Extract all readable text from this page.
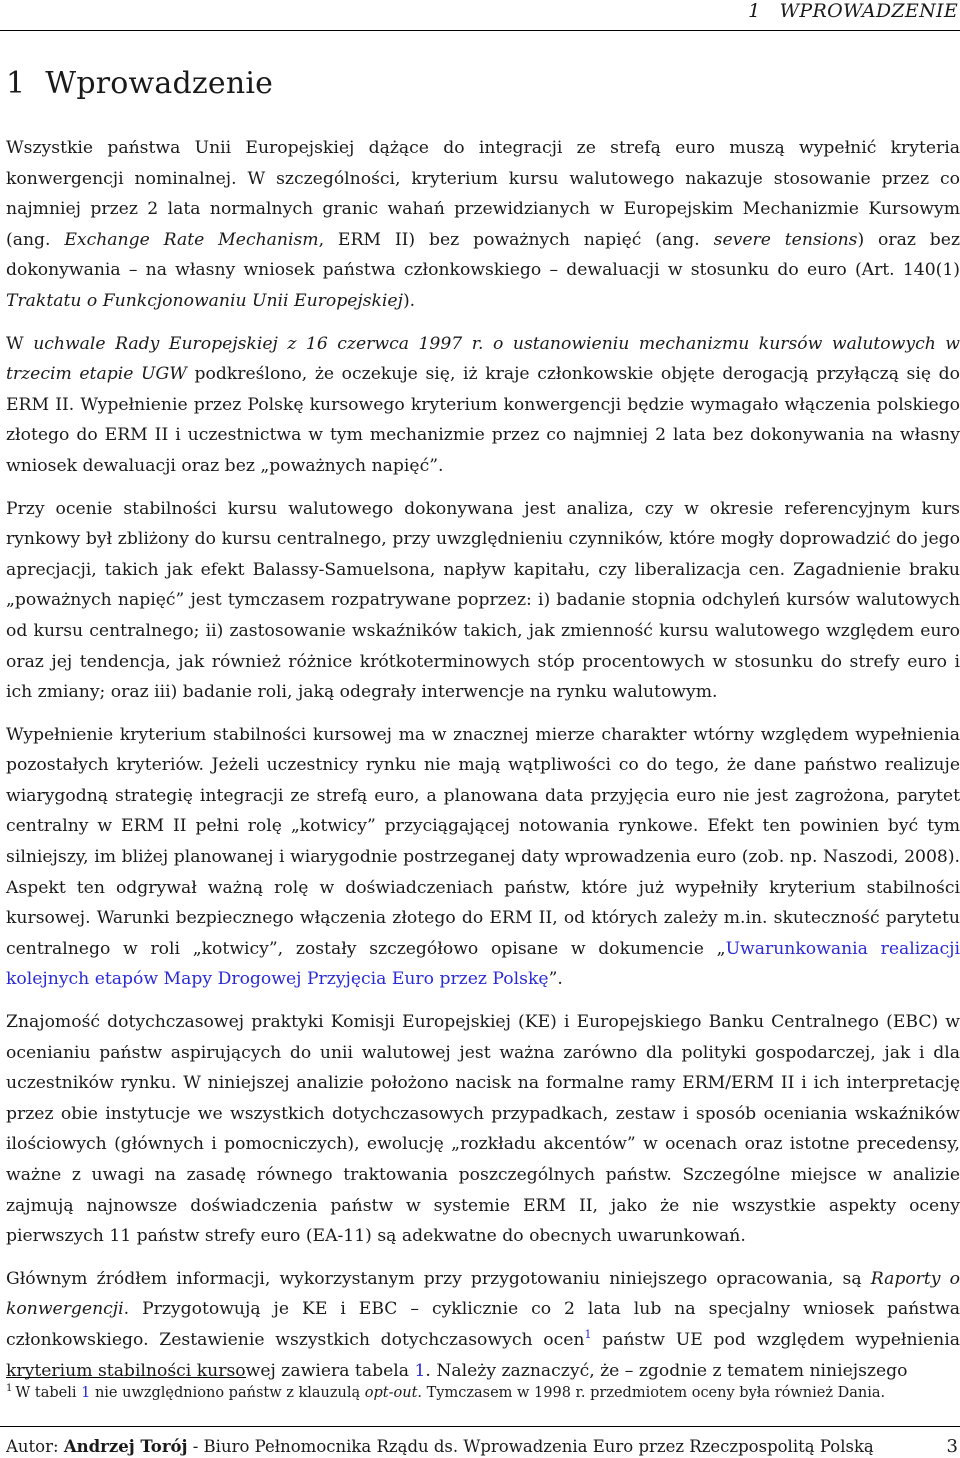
1 WPROWADZENIE
1 Wprowadzenie

Wszystkie państwa Unii Europejskiej dążące do integracji ze strefą euro muszą wypełnić kryteria konwergencji nominalnej. W szczególności, kryterium kursu walutowego nakazuje stosowanie przez co najmniej przez 2 lata normalnych granic wahań przewidzianych w Europejskim Mechanizmie Kursowym (ang. Exchange Rate Mechanism, ERM II) bez poważnych napięć (ang. severe tensions) oraz bez dokonywania – na własny wniosek państwa członkowskiego – dewaluacji w stosunku do euro (Art. 140(1) Traktatu o Funkcjonowaniu Unii Europejskiej).

W uchwale Rady Europejskiej z 16 czerwca 1997 r. o ustanowieniu mechanizmu kursów walutowych w trzecim etapie UGW podkreślono, że oczekuje się, iż kraje członkowskie objęte derogacją przyłączą się do ERM II. Wypełnienie przez Polskę kursowego kryterium konwergencji będzie wymagało włączenia polskiego złotego do ERM II i uczestnictwa w tym mechanizmie przez co najmniej 2 lata bez dokonywania na własny wniosek dewaluacji oraz bez „poważnych napięć”.

Przy ocenie stabilności kursu walutowego dokonywana jest analiza, czy w okresie referencyjnym kurs rynkowy był zbliżony do kursu centralnego, przy uwzględnieniu czynników, które mogły doprowadzić do jego aprecjacji, takich jak efekt Balassy-Samuelsona, napływ kapitału, czy liberalizacja cen. Zagadnienie braku „poważnych napięć” jest tymczasem rozpatrywane poprzez: i) badanie stopnia odchyleń kursów walutowych od kursu centralnego; ii) zastosowanie wskaźników takich, jak zmienność kursu walutowego względem euro oraz jej tendencja, jak również różnice krótkoterminowych stóp procentowych w stosunku do strefy euro i ich zmiany; oraz iii) badanie roli, jaką odegrały interwencje na rynku walutowym.

Wypełnienie kryterium stabilności kursowej ma w znacznej mierze charakter wtórny względem wypełnienia pozostałych kryteriów. Jeżeli uczestnicy rynku nie mają wątpliwości co do tego, że dane państwo realizuje wiarygodną strategię integracji ze strefą euro, a planowana data przyjęcia euro nie jest zagrożona, parytet centralny w ERM II pełni rolę „kotwicy” przyciągającej notowania rynkowe. Efekt ten powinien być tym silniejszy, im bliżej planowanej i wiarygodnie postrzeganej daty wprowadzenia euro (zob. np. Naszodi, 2008). Aspekt ten odgrywał ważną rolę w doświadczeniach państw, które już wypełniły kryterium stabilności kursowej. Warunki bezpiecznego włączenia złotego do ERM II, od których zależy m.in. skuteczność parytetu centralnego w roli „kotwicy”, zostały szczegółowo opisane w dokumencie „Uwarunkowania realizacji kolejnych etapów Mapy Drogowej Przyjęcia Euro przez Polskę”.

Znajomość dotychczasowej praktyki Komisji Europejskiej (KE) i Europejskiego Banku Centralnego (EBC) w ocenianiu państw aspirujących do unii walutowej jest ważna zarówno dla polityki gospodarczej, jak i dla uczestników rynku. W niniejszej analizie położono nacisk na formalne ramy ERM/ERM II i ich interpretację przez obie instytucje we wszystkich dotychczasowych przypadkach, zestaw i sposób oceniania wskaźników ilościowych (głównych i pomocniczych), ewolucję „rozkładu akcentów” w ocenach oraz istotne precedensy, ważne z uwagi na zasadę równego traktowania poszczególnych państw. Szczególne miejsce w analizie zajmują najnowsze doświadczenia państw w systemie ERM II, jako że nie wszystkie aspekty oceny pierwszych 11 państw strefy euro (EA-11) są adekwatne do obecnych uwarunkowań.

Głównym źródłem informacji, wykorzystanym przy przygotowaniu niniejszego opracowania, są Raporty o konwergencji. Przygotowują je KE i EBC – cyklicznie co 2 lata lub na specjalny wniosek państwa członkowskiego. Zestawienie wszystkich dotychczasowych ocen$^1$ państw UE pod względem wypełnienia kryterium stabilności kursowej zawiera tabela 1. Należy zaznaczyć, że – zgodnie z tematem niniejszego

$^1$ W tabeli 1 nie uwzględniono państw z klauzulą opt-out. Tymczasem w 1998 r. przedmiotem oceny była również Dania.
Autor: Andrzej Torój - Biuro Pełnomocnika Rządu ds. Wprowadzenia Euro przez Rzeczpospolitą Polską	3
